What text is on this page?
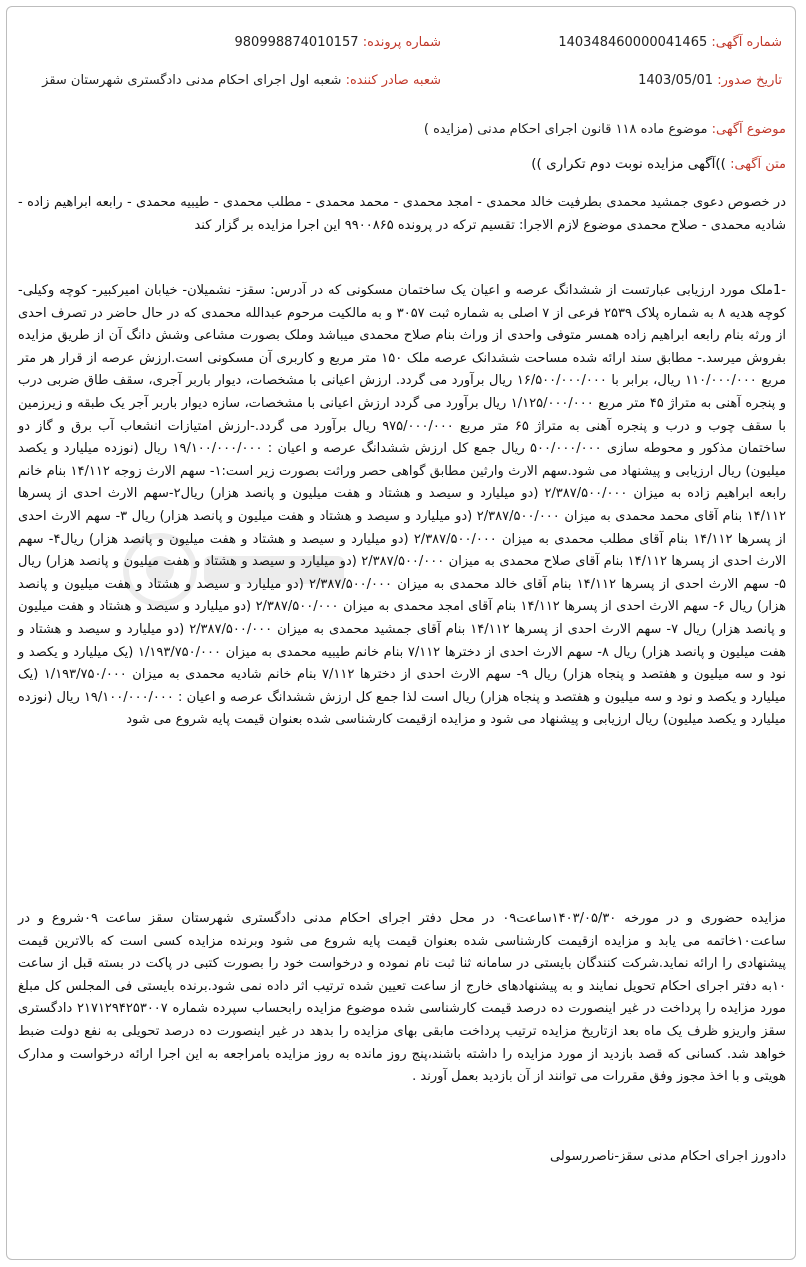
شماره آگهی: 140348460000041465
شماره پرونده: 980998874010157
تاریخ صدور: 1403/05/01
شعبه صادر کننده: شعبه اول اجرای احکام مدنی دادگستری شهرستان سقز
موضوع آگهی: موضوع ماده ۱۱۸ قانون اجرای احکام مدنی (مزایده )
متن آگهی: ))آگهی مزایده نوبت دوم تکراری ))
در خصوص دعوی جمشید محمدی بطرفیت خالد محمدی - امجد محمدی - محمد محمدی - مطلب محمدی - طیبیه محمدی - رابعه ابراهیم زاده - شادیه محمدی - صلاح محمدی موضوع لازم الاجرا: تقسیم ترکه در پرونده ۹۹۰۰۸۶۵ این اجرا مزایده بر گزار کند
-1ملک مورد ارزیابی عبارتست از ششدانگ عرصه و اعیان یک ساختمان مسکونی که در آدرس: سقز- نشمیلان- خیابان امیرکبیر- کوچه وکیلی- کوچه هدیه ۸ به شماره پلاک ۲۵۳۹ فرعی از ۷ اصلی به شماره ثبت ۳۰۵۷ و به مالکیت مرحوم عبدالله محمدی که در حال حاضر در تصرف احدی از ورثه بنام رابعه ابراهیم زاده همسر متوفی واحدی از وراث بنام صلاح محمدی میباشد وملک بصورت مشاعی وشش دانگ آن از طریق مزایده بفروش میرسد.- مطابق سند ارائه شده مساحت ششدانک عرصه ملک ۱۵۰ متر مربع و کاربری آن مسکونی است.ارزش عرصه از قرار هر متر مربع ۱۱۰/۰۰۰/۰۰۰ ریال، برابر با ۱۶/۵۰۰/۰۰۰/۰۰۰ ریال برآورد می گردد. ارزش اعیانی با مشخصات، دیوار باربر آجری، سقف طاق ضربی درب و پنجره آهنی به متراژ ۴۵ متر مربع ۱/۱۲۵/۰۰۰/۰۰۰ ریال برآورد می گردد ارزش اعیانی با مشخصات، سازه دیوار باربر آجر یک طبقه و زیرزمین با سقف چوب و درب و پنجره آهنی به متراژ ۶۵ متر مربع ۹۷۵/۰۰۰/۰۰۰ ریال برآورد می گردد.-ارزش امتیازات انشعاب آب برق و گاز دو ساختمان مذکور و محوطه سازی ۵۰۰/۰۰۰/۰۰۰ ریال جمع کل ارزش ششدانگ عرصه و اعیان : ۱۹/۱۰۰/۰۰۰/۰۰۰ ریال (نوزده میلیارد و یکصد میلیون) ریال ارزیابی و پیشنهاد می شود.سهم الارث وارثین مطابق گواهی حصر وراثت بصورت زیر است:۱- سهم الارث زوجه ۱۴/۱۱۲ بنام خانم رابعه ابراهیم زاده به میزان ۲/۳۸۷/۵۰۰/۰۰۰ (دو میلیارد و سیصد و هشتاد و هفت میلیون و پانصد هزار) ریال۲-سهم الارث احدی از پسرها ۱۴/۱۱۲ بنام آقای محمد محمدی به میزان ۲/۳۸۷/۵۰۰/۰۰۰ (دو میلیارد و سیصد و هشتاد و هفت میلیون و پانصد هزار) ریال ۳- سهم الارث احدی از پسرها ۱۴/۱۱۲ بنام آقای مطلب محمدی به میزان ۲/۳۸۷/۵۰۰/۰۰۰ (دو میلیارد و سیصد و هشتاد و هفت میلیون و پانصد هزار) ریال۴- سهم الارث احدی از پسرها ۱۴/۱۱۲ بنام آقای صلاح محمدی به میزان ۲/۳۸۷/۵۰۰/۰۰۰ (دو میلیارد و سیصد و هشتاد و هفت میلیون و پانصد هزار) ریال ۵- سهم الارث احدی از پسرها ۱۴/۱۱۲ بنام آقای خالد محمدی به میزان ۲/۳۸۷/۵۰۰/۰۰۰ (دو میلیارد و سیصد و هشتاد و هفت میلیون و پانصد هزار) ریال ۶- سهم الارث احدی از پسرها ۱۴/۱۱۲ بنام آقای امجد محمدی به میزان ۲/۳۸۷/۵۰۰/۰۰۰ (دو میلیارد و سیصد و هشتاد و هفت میلیون و پانصد هزار) ریال ۷- سهم الارث احدی از پسرها ۱۴/۱۱۲ بنام آقای جمشید محمدی به میزان ۲/۳۸۷/۵۰۰/۰۰۰ (دو میلیارد و سیصد و هشتاد و هفت میلیون و پانصد هزار) ریال ۸- سهم الارث احدی از دخترها ۷/۱۱۲ بنام خانم طیبیه محمدی به میزان ۱/۱۹۳/۷۵۰/۰۰۰ (یک میلیارد و یکصد و نود و سه میلیون و هفتصد و پنجاه هزار) ریال ۹- سهم الارث احدی از دخترها ۷/۱۱۲ بنام خانم شادیه محمدی به میزان ۱/۱۹۳/۷۵۰/۰۰۰ (یک میلیارد و یکصد و نود و سه میلیون و هفتصد و پنجاه هزار) ریال است لذا جمع کل ارزش ششدانگ عرصه و اعیان : ۱۹/۱۰۰/۰۰۰/۰۰۰ ریال (نوزده میلیارد و یکصد میلیون) ریال ارزیابی و پیشنهاد می شود و مزایده ازقیمت کارشناسی شده بعنوان قیمت پایه شروع می شود
مزایده حضوری و در مورخه ۱۴۰۳/۰۵/۳۰ساعت۰۹ در محل دفتر اجرای احکام مدنی دادگستری شهرستان سقز ساعت ۰۹شروع و در ساعت۱۰خاتمه می یابد و مزایده ازقیمت کارشناسی شده بعنوان قیمت پایه شروع می شود وبرنده مزایده کسی است که بالاترین قیمت پیشنهادی را ارائه نماید.شرکت کنندگان بایستی در سامانه ثنا ثبت نام نموده و درخواست خود را بصورت کتبی در پاکت در بسته قبل از ساعت ۱۰به دفتر اجرای احکام تحویل نمایند و به پیشنهادهای خارج از ساعت تعیین شده ترتیب اثر داده نمی شود.برنده بایستی فی المجلس کل مبلغ مورد مزایده را پرداخت در غیر اینصورت ده درصد قیمت کارشناسی شده موضوع مزایده رابحساب سپرده شماره ۲۱۷۱۲۹۴۲۵۳۰۰۷ دادگستری سقز واریزو ظرف یک ماه بعد ازتاریخ مزایده ترتیب پرداخت مابقی بهای مزایده را بدهد در غیر اینصورت ده درصد تحویلی به نفع دولت ضبط خواهد شد. کسانی که قصد بازدید از مورد مزایده را داشته باشند،پنج روز مانده به روز مزایده بامراجعه به این اجرا ارائه درخواست و مدارک هویتی و با اخذ مجوز وفق مقررات می توانند از آن بازدید بعمل آورند .
دادورز اجرای احکام مدنی سقز-ناصررسولی
